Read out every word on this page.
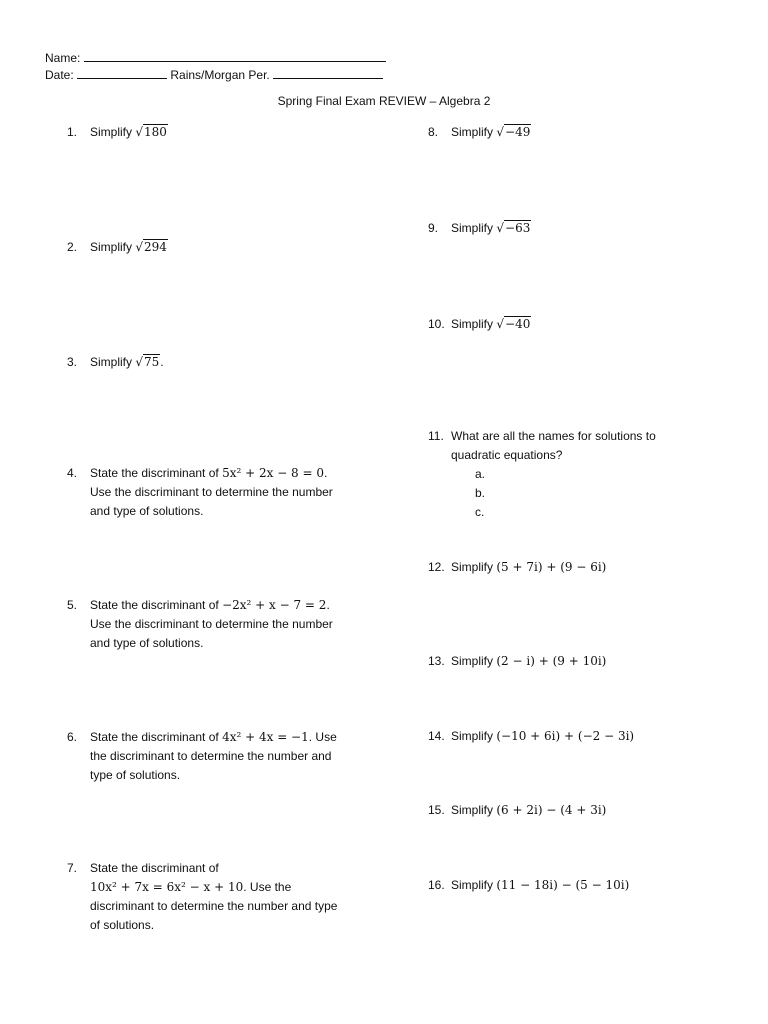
Name:
Date:	Rains/Morgan Per.
Spring Final Exam REVIEW – Algebra 2
1. Simplify √180
2. Simplify √294
3. Simplify √75.
4. State the discriminant of 5x² + 2x − 8 = 0.
Use the discriminant to determine the number
and type of solutions.
5. State the discriminant of −2x² + x − 7 = 2.
Use the discriminant to determine the number
and type of solutions.
6. State the discriminant of 4x² + 4x = −1. Use
the discriminant to determine the number and
type of solutions.
7. State the discriminant of
10x² + 7x = 6x² − x + 10. Use the
discriminant to determine the number and type
of solutions.
8. Simplify √−49
9. Simplify √−63
10. Simplify √−40
11. What are all the names for solutions to
quadratic equations?
a.
b.
c.
12. Simplify (5 + 7i) + (9 − 6i)
13. Simplify (2 − i) + (9 + 10i)
14. Simplify (−10 + 6i) + (−2 − 3i)
15. Simplify (6 + 2i) − (4 + 3i)
16. Simplify (11 − 18i) − (5 − 10i)
